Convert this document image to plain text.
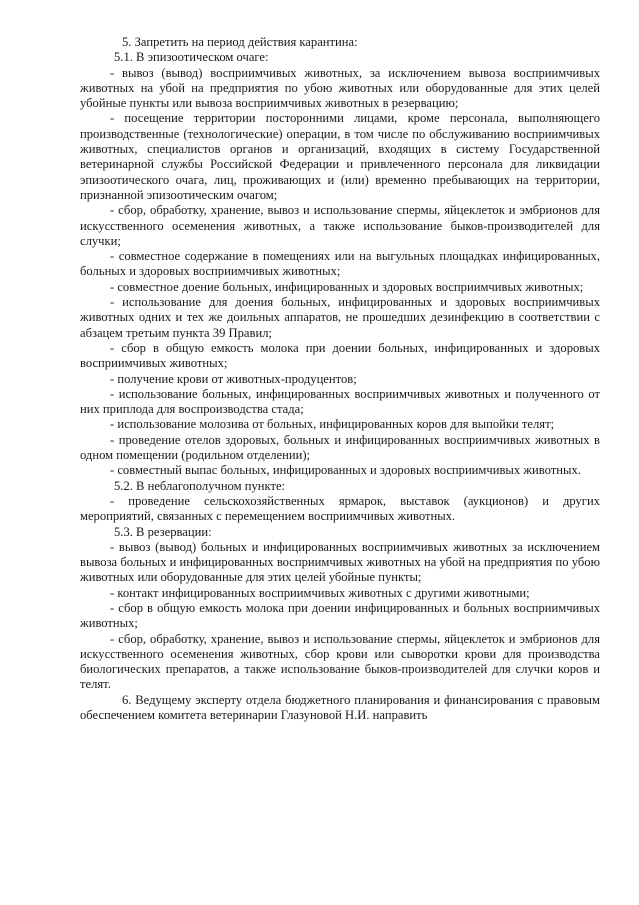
5. Запретить на период действия карантина:

5.1. В эпизоотическом очаге:

- вывоз (вывод) восприимчивых животных, за исключением вывоза восприимчивых животных на убой на предприятия по убою животных или оборудованные для этих целей убойные пункты или вывоза восприимчивых животных в резервацию;

- посещение территории посторонними лицами, кроме персонала, выполняющего производственные (технологические) операции, в том числе по обслуживанию восприимчивых животных, специалистов органов и организаций, входящих в систему Государственной ветеринарной службы Российской Федерации и привлеченного персонала для ликвидации эпизоотического очага, лиц, проживающих и (или) временно пребывающих на территории, признанной эпизоотическим очагом;

- сбор, обработку, хранение, вывоз и использование спермы, яйцеклеток и эмбрионов для искусственного осеменения животных, а также использование быков-производителей для случки;

- совместное содержание в помещениях или на выгульных площадках инфицированных, больных и здоровых восприимчивых животных;

- совместное доение больных, инфицированных и здоровых восприимчивых животных;

- использование для доения больных, инфицированных и здоровых восприимчивых животных одних и тех же доильных аппаратов, не прошедших дезинфекцию в соответствии с абзацем третьим пункта 39 Правил;

- сбор в общую емкость молока при доении больных, инфицированных и здоровых восприимчивых животных;

- получение крови от животных-продуцентов;

- использование больных, инфицированных восприимчивых животных и полученного от них приплода для воспроизводства стада;

- использование молозива от больных, инфицированных коров для выпойки телят;

- проведение отелов здоровых, больных и инфицированных восприимчивых животных в одном помещении (родильном отделении);

- совместный выпас больных, инфицированных и здоровых восприимчивых животных.

5.2. В неблагополучном пункте:

- проведение сельскохозяйственных ярмарок, выставок (аукционов) и других мероприятий, связанных с перемещением восприимчивых животных.

5.3. В резервации:

- вывоз (вывод) больных и инфицированных восприимчивых животных за исключением вывоза больных и инфицированных восприимчивых животных на убой на предприятия по убою животных или оборудованные для этих целей убойные пункты;

- контакт инфицированных восприимчивых животных с другими животными;

- сбор в общую емкость молока при доении инфицированных и больных восприимчивых животных;

- сбор, обработку, хранение, вывоз и использование спермы, яйцеклеток и эмбрионов для искусственного осеменения животных, сбор крови или сыворотки крови для производства биологических препаратов, а также использование быков-производителей для случки коров и телят.

6. Ведущему эксперту отдела бюджетного планирования и финансирования с правовым обеспечением комитета ветеринарии Глазуновой Н.И. направить
